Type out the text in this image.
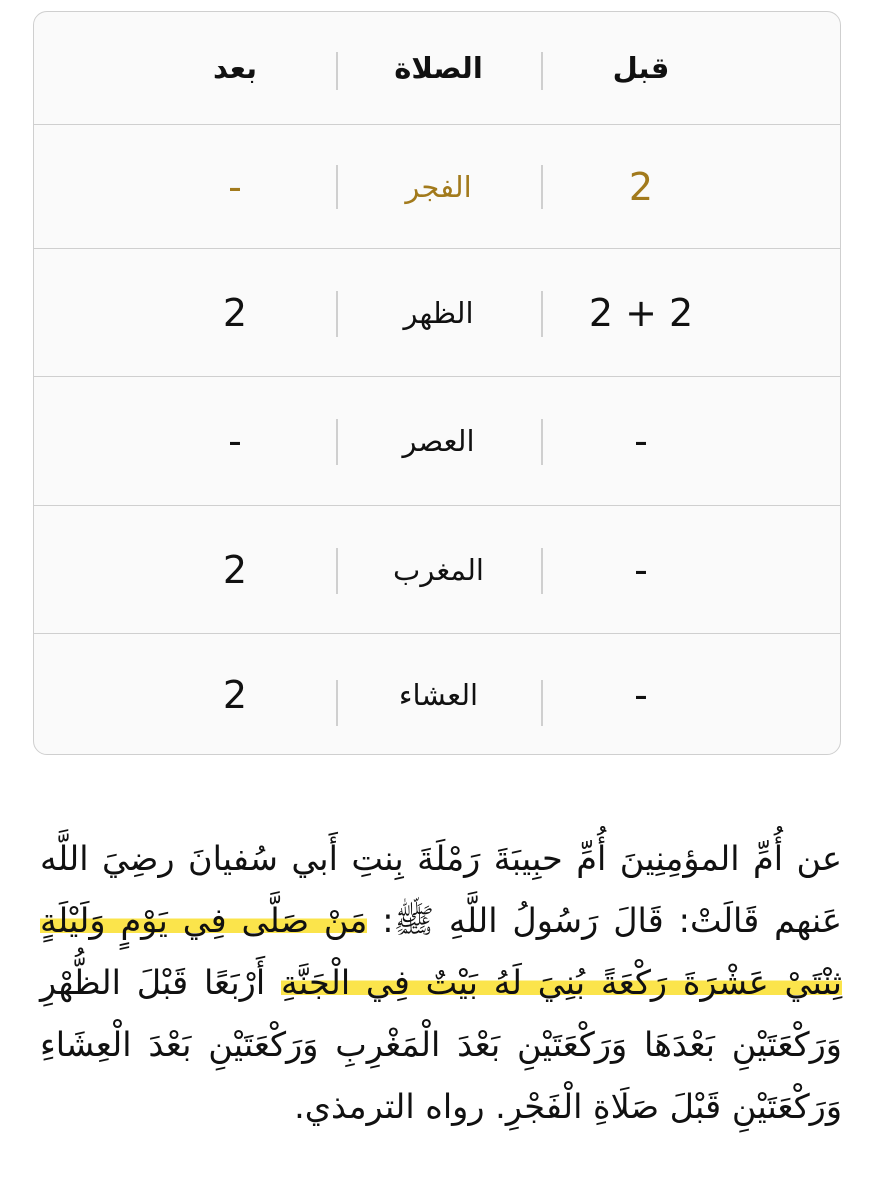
قبل
الصلاة
بعد
2
الفجر
-
2 + 2
الظهر
2
-
العصر
-
-
المغرب
2
-
العشاء
2

عن أُمِّ المؤمِنِينَ أُمِّ حبِيبَةَ رَمْلَةَ بِنتِ أَبي سُفيانَ رضِيَ اللَّه عَنهم قَالَتْ: قَالَ رَسُولُ اللَّهِ ﷺ: مَنْ صَلَّى فِي يَوْمٍ وَلَيْلَةٍ ثِنْتَيْ عَشْرَةَ رَكْعَةً بُنِيَ لَهُ بَيْتٌ فِي الْجَنَّةِ أَرْبَعًا قَبْلَ الظُّهْرِ وَرَكْعَتَيْنِ بَعْدَهَا وَرَكْعَتَيْنِ بَعْدَ الْمَغْرِبِ وَرَكْعَتَيْنِ بَعْدَ الْعِشَاءِ وَرَكْعَتَيْنِ قَبْلَ صَلَاةِ الْفَجْرِ. رواه الترمذي.
